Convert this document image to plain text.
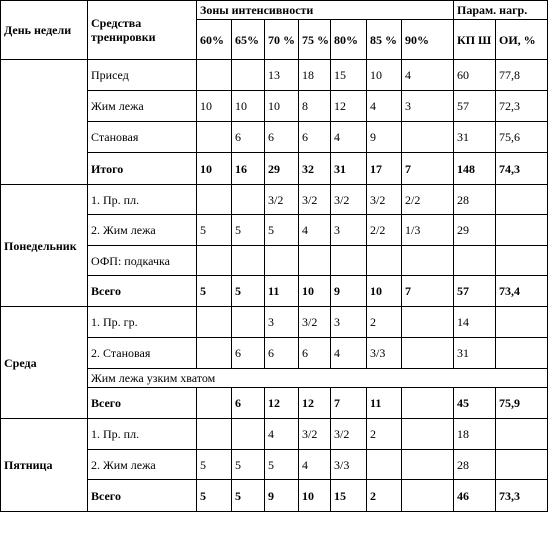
День недели	Средства тренировки	Зоны интенсивности							Парам. нагр.	
		60%	65%	70 %	75 %	80%	85 %	90%	КП Ш	ОИ, %
	Присед			13	18	15	10	4	60	77,8
	Жим лежа	10	10	10	8	12	4	3	57	72,3
	Становая		6	6	6	4	9		31	75,6
	Итого	10	16	29	32	31	17	7	148	74,3
Понедельник	1. Пр. пл.			3/2	3/2	3/2	3/2	2/2	28	
	2. Жим лежа	5	5	5	4	3	2/2	1/3	29	
	ОФП: подкачка									
	Всего	5	5	11	10	9	10	7	57	73,4
Среда	1. Пр. гр.			3	3/2	3	2		14	
	2. Становая		6	6	6	4	3/3		31	
	Жим лежа узким хватом									
	Всего		6	12	12	7	11		45	75,9
Пятница	1. Пр. пл.			4	3/2	3/2	2		18	
	2. Жим лежа	5	5	5	4	3/3			28	
	Всего	5	5	9	10	15	2		46	73,3
